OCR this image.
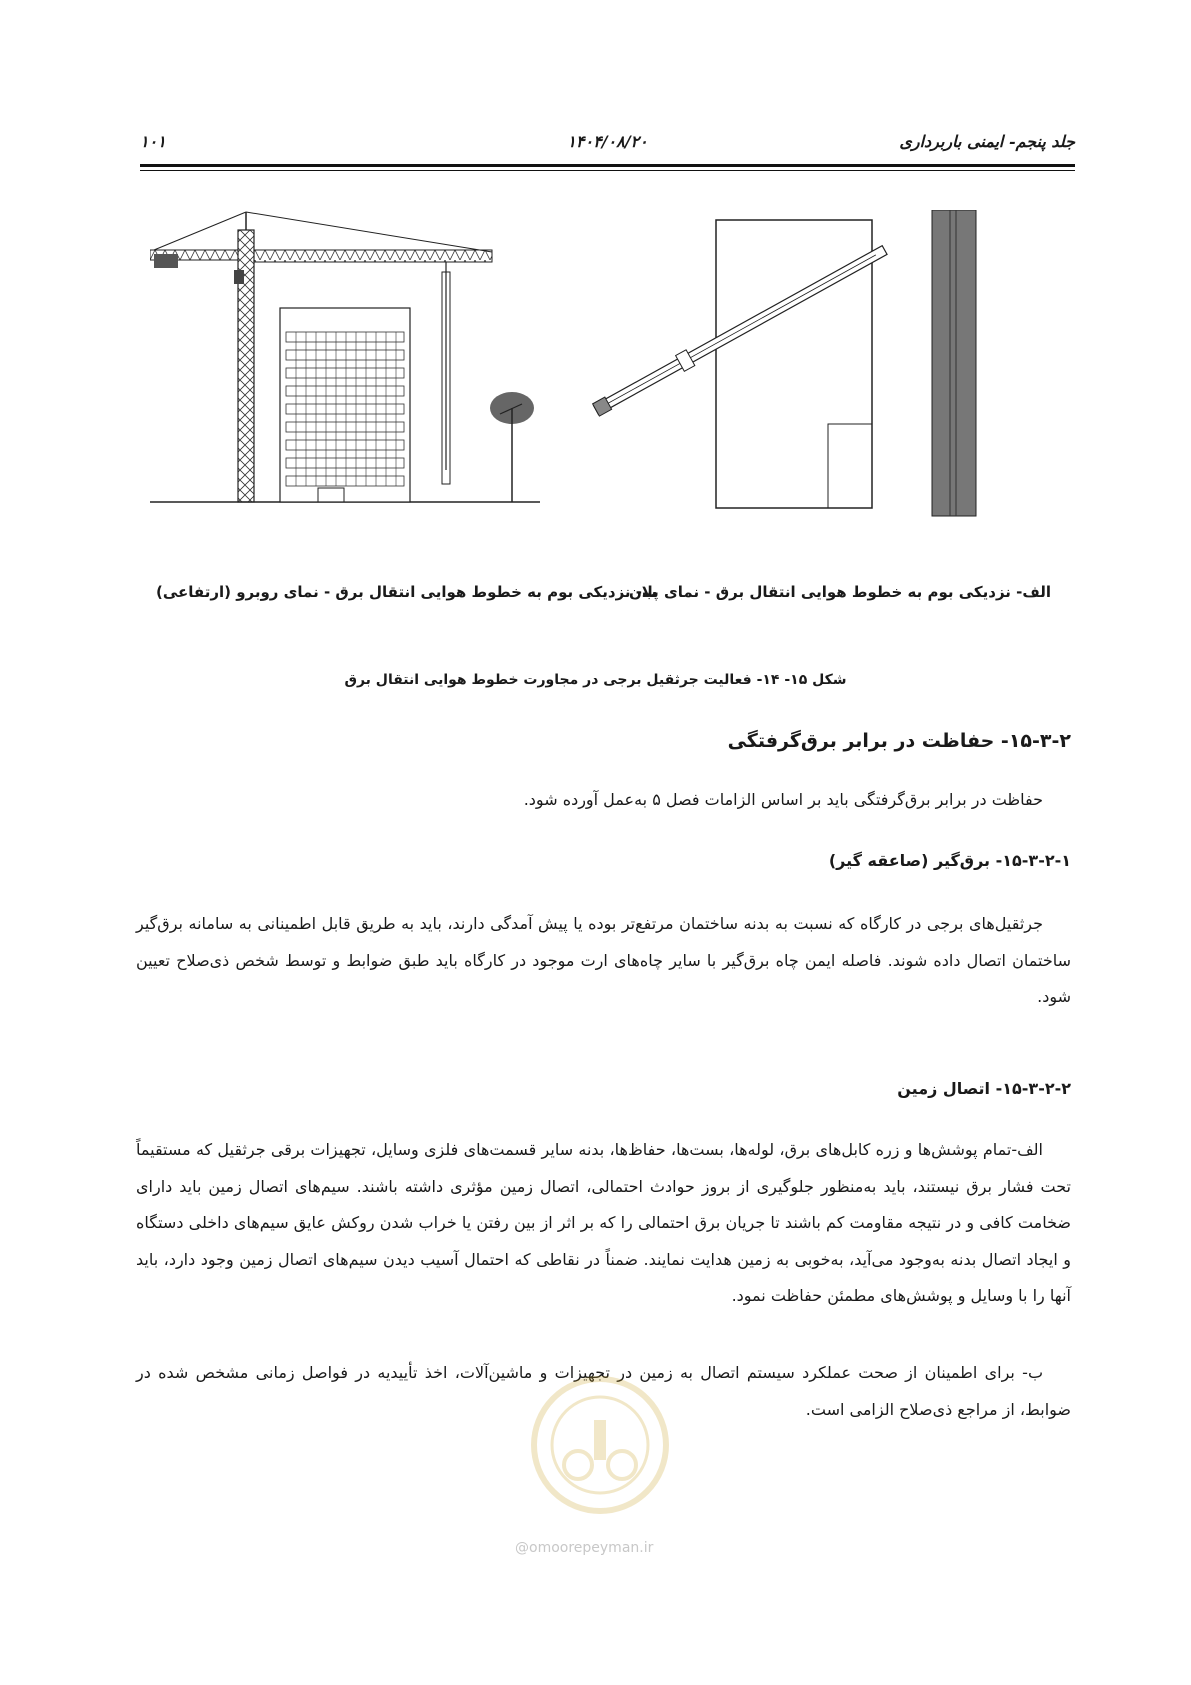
جلد پنجم- ایمنی باربرداری
۱۴۰۴/۰۸/۲۰
۱۰۱
الف- نزدیکی بوم به خطوط هوایی انتقال برق - نمای پلان
ب- نزدیکی بوم به خطوط هوایی انتقال برق - نمای روبرو (ارتفاعی)
شکل ۱۵- ۱۴- فعالیت جرثقیل برجی در مجاورت خطوط هوایی انتقال برق
۱۵-۳-۲- حفاظت در برابر برق‌گرفتگی
حفاظت در برابر برق‌گرفتگی باید بر اساس الزامات فصل ۵ به‌عمل آورده شود.
۱۵-۳-۲-۱- برق‌گیر (صاعقه گیر)
جرثقیل‌های برجی در کارگاه که نسبت به بدنه ساختمان مرتفع‌تر بوده یا پیش آمدگی دارند، باید به طریق قابل اطمینانی به سامانه برق‌گیر ساختمان اتصال داده شوند. فاصله ایمن چاه برق‌گیر با سایر چاه‌های ارت موجود در کارگاه باید طبق ضوابط و توسط شخص ذی‌صلاح تعیین شود.
۱۵-۳-۲-۲- اتصال زمین
الف-تمام پوشش‌ها و زره کابل‌های برق، لوله‌ها، بست‌ها، حفاظ‌ها، بدنه سایر قسمت‌های فلزی وسایل، تجهیزات برقی جرثقیل که مستقیماً تحت فشار برق نیستند، باید به‌منظور جلوگیری از بروز حوادث احتمالی، اتصال زمین مؤثری داشته باشند. سیم‌های اتصال زمین باید دارای ضخامت کافی و در نتیجه مقاومت کم باشند تا جریان برق احتمالی را که بر اثر از بین رفتن یا خراب شدن روکش عایق سیم‌های داخلی دستگاه و ایجاد اتصال بدنه به‌وجود می‌آید، به‌خوبی به زمین هدایت نمایند. ضمناً در نقاطی که احتمال آسیب دیدن سیم‌های اتصال زمین وجود دارد، باید آنها را با وسایل و پوشش‌های مطمئن حفاظت نمود.
ب- برای اطمینان از صحت عملکرد سیستم اتصال به زمین در تجهیزات و ماشین‌آلات، اخذ تأییدیه در فواصل زمانی مشخص شده در ضوابط، از مراجع ذی‌صلاح الزامی است.
@omoorepeyman.ir
